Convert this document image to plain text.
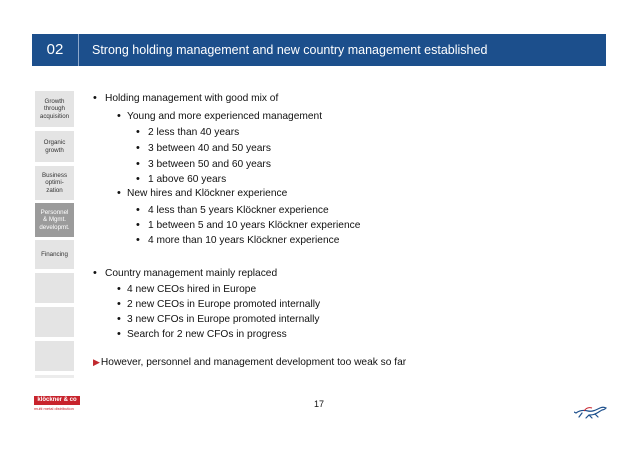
02	Strong holding management and new country management established
Growth
through
acquisition
Organic
growth
Business
optimi-
zation
Personnel
& Mgmt.
developmt.
Financing
• Holding management with good mix of
• Young and more experienced management
• 2 less than 40 years
• 3 between 40 and 50 years
• 3 between 50 and 60 years
• 1 above 60 years
• New hires and Klöckner experience
• 4 less than 5 years Klöckner experience
• 1 between 5 and 10 years Klöckner experience
• 4 more than 10 years Klöckner experience
• Country management mainly replaced
• 4 new CEOs hired in Europe
• 2 new CEOs in Europe promoted internally
• 3 new CFOs in Europe promoted internally
• Search for 2 new CFOs in progress
▶However, personnel and management development too weak so far
klöckner & co
multi metal distribution	17
